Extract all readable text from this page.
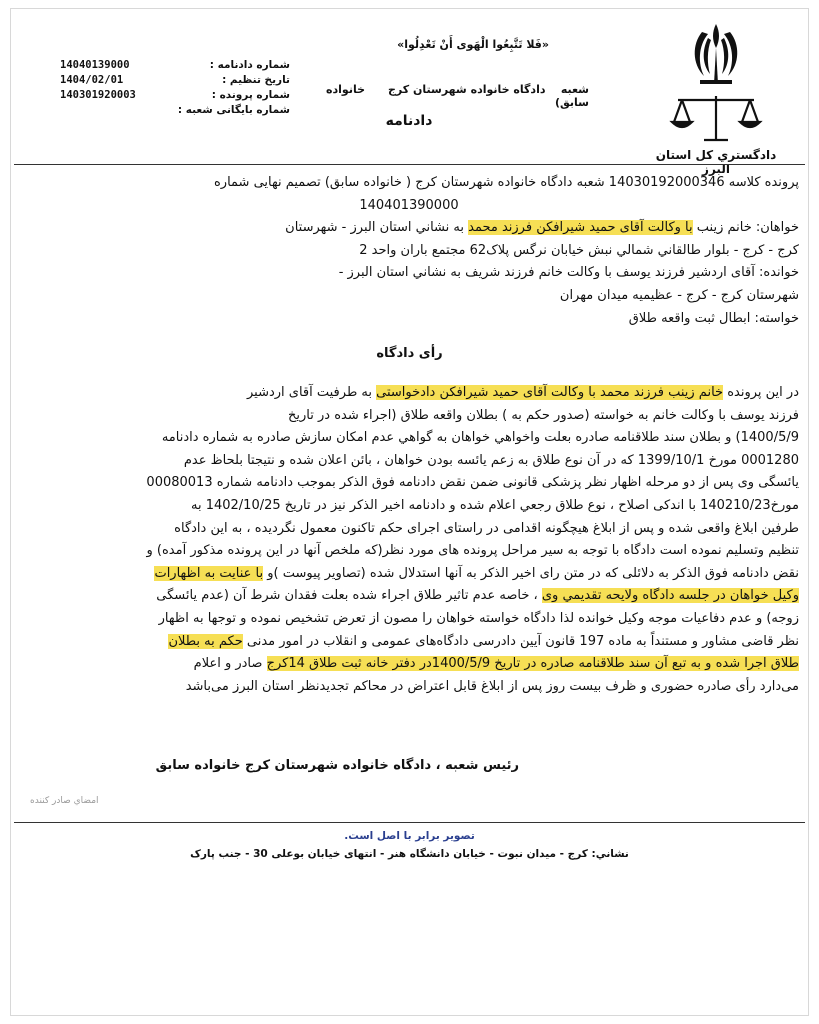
دادگستري كل استان البرز
«فَلا تَتَّبِعُوا الْهَوى أَنْ تَعْدِلُوا»
شعبه    دادگاه خانواده شهرستان کرج      خانواده سابق)
دادنامه
شماره دادنامه :
14040139000
تاریخ تنظیم :
1404/02/01
شماره پرونده :
140301920003
شماره بایگانی شعبه :
پرونده کلاسه 14030192000346 شعبه دادگاه خانواده شهرستان کرج ( خانواده سابق) تصمیم نهایی شماره
140401390000
خواهان: خانم زینب با وکالت آقای حمید شیرافکن فرزند محمد به نشاني استان البرز - شهرستان
کرج - کرج - بلوار طالقاني شمالي نبش خيابان نرگس پلاک62 مجتمع باران واحد 2
خوانده: آقای اردشیر فرزند يوسف با وکالت خانم فرزند شريف به نشاني استان البرز -
شهرستان کرج - کرج - عظیمیه میدان مهران
خواسته: ابطال ثبت واقعه طلاق
رأی دادگاه
در این پرونده خانم زینب فرزند محمد با وکالت آقای حمید شیرافکن دادخواستی به طرفيت آقای اردشير
فرزند يوسف با وکالت خانم به خواسته (صدور حکم به ) بطلان واقعه طلاق (اجراء شده در تاریخ
1400/5/9) و بطلان سند طلاقنامه صادره بعلت واخواهي خواهان به گواهي عدم امکان سازش صادره به شماره دادنامه
0001280 مورخ 1399/10/1 كه در آن نوع طلاق به زعم يائسه بودن خواهان ، بائن اعلان شده و نتيجتا بلحاظ عدم
يائسگی وی پس از دو مرحله اظهار نظر پزشکی قانونی ضمن نقض دادنامه فوق الذكر بموجب دادنامه شماره 00080013
مورخ140210/23 با اندکی اصلاح ، نوع طلاق رجعي اعلام شده و دادنامه اخير الذکر نيز در تاريخ 1402/10/25 به
طرفين ابلاغ واقعی شده و پس از ابلاغ هيچگونه اقدامی در راستای اجرای حکم تاکنون معمول نگرديده ، به اين دادگاه
تنظيم وتسليم نموده است دادگاه با توجه به سير مراحل پرونده های مورد نظر(كه ملخص آنها در اين پرونده مذكور آمده) و
نقض دادنامه فوق الذكر به دلائلی كه در متن رای اخير الذكر به آنها استدلال شده (تصاوير پيوست )و با عنايت به اظهارات
وكيل خواهان در جلسه دادگاه ولايحه تقديمي وی ، خاصه عدم تاثير طلاق اجراء شده بعلت فقدان شرط آن (عدم يائسگی
زوجه) و عدم دفاعيات موجه وكيل خوانده لذا دادگاه خواسته خواهان را مصون از تعرض تشخيص نموده و توجها به اظهار
نظر قاضی مشاور و مستنداً به ماده 197 قانون آيين دادرسی دادگاه‌های عمومی و انقلاب در امور مدنی حكم به بطلان
طلاق اجرا شده و به تبع آن سند طلاقنامه صادره در تاريخ 1400/5/9در دفتر خانه ثبت طلاق 14كرج صادر و اعلام
می‌دارد رأی صادره حضوری و ظرف بيست روز پس از ابلاغ قابل اعتراض در محاكم تجديدنظر استان البرز می‌باشد
رئیس شعبه ، دادگاه خانواده شهرستان کرج خانواده سابق
امضاي صادر كننده
تصویر برابر با اصل است.
نشاني: کرج - میدان نبوت - خیابان دانشگاه هنر - انتهای خیابان بوعلی 30 - جنب پارک
